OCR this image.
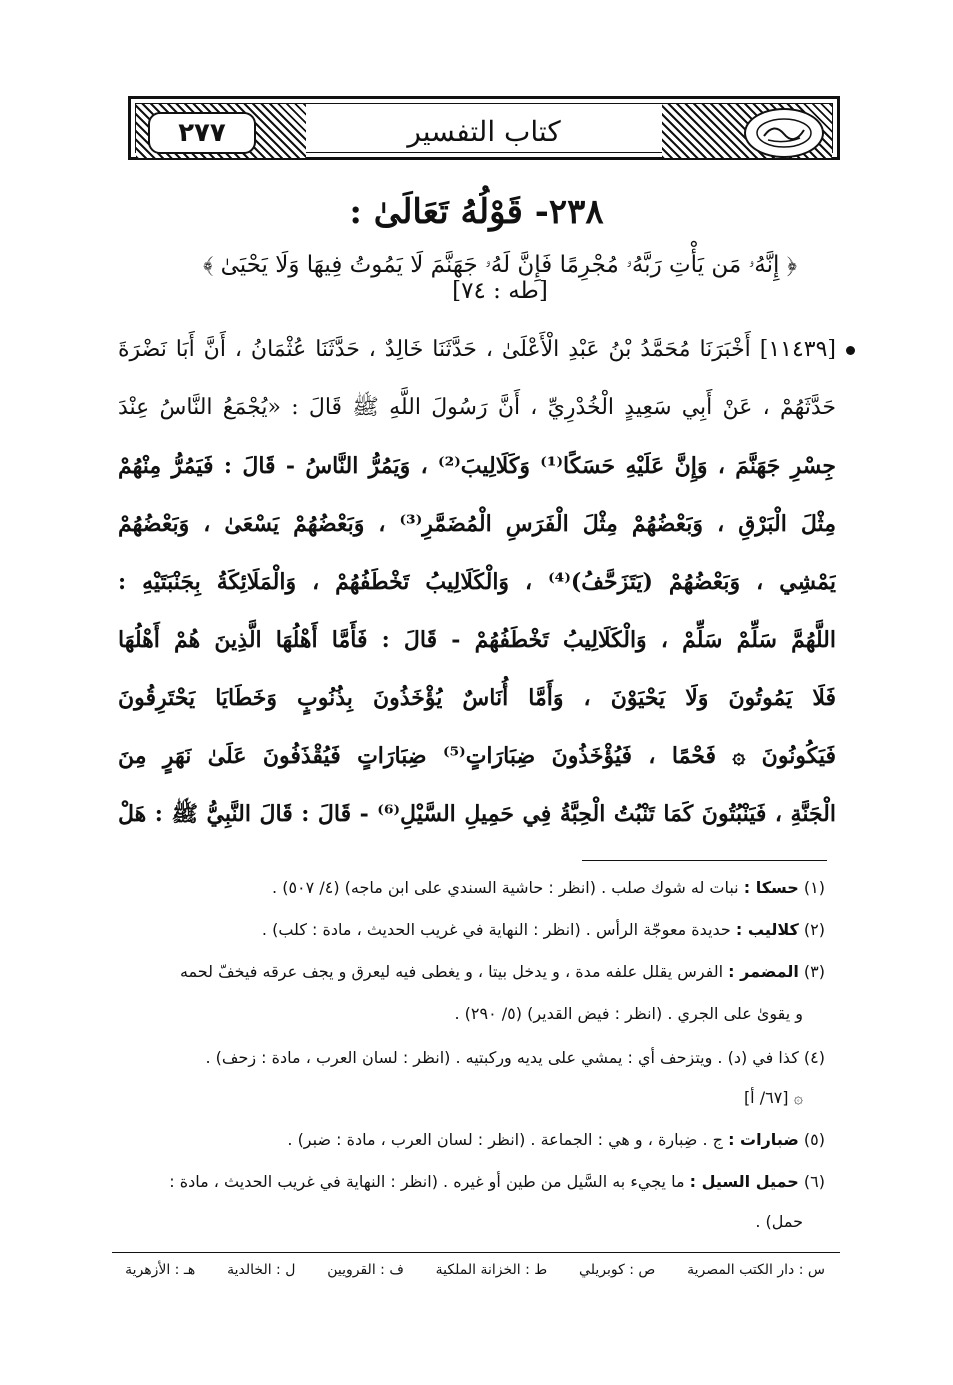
٢٧٧	كتاب التفسير
٢٣٨- قَوْلُهُ تَعَالَىٰ :
﴿ إِنَّهُۥ مَن يَأْتِ رَبَّهُۥ مُجْرِمًا فَإِنَّ لَهُۥ جَهَنَّمَ لَا يَمُوتُ فِيهَا وَلَا يَحْيَىٰ ﴾ [طه : ٧٤]
[١١٤٣٩] أَخْبَرَنَا مُحَمَّدُ بْنُ عَبْدِ الْأَعْلَىٰ ، حَدَّثَنَا خَالِدٌ ، حَدَّثَنَا عُثْمَانُ ، أَنَّ أَبَا نَضْرَةَ
حَدَّثَهُمْ ، عَنْ أَبِي سَعِيدٍ الْخُدْرِيِّ ، أَنَّ رَسُولَ اللَّهِ ﷺ قَالَ : «يُجْمَعُ النَّاسُ عِنْدَ
جِسْرِ جَهَنَّمَ ، وَإِنَّ عَلَيْهِ حَسَكًا⁽¹⁾ وَكَلَالِيبَ⁽²⁾ ، وَيَمُرُّ النَّاسُ - قَالَ : فَيَمُرُّ مِنْهُمْ
مِثْلَ الْبَرْقِ ، وَبَعْضُهُمْ مِثْلَ الْفَرَسِ الْمُضَمَّرِ⁽³⁾ ، وَبَعْضُهُمْ يَسْعَىٰ ، وَبَعْضُهُمْ
يَمْشِي ، وَبَعْضُهُمْ (يَتَزَحَّفُ)⁽⁴⁾ ، وَالْكَلَالِيبُ تَخْطَفُهُمْ ، وَالْمَلَائِكَةُ بِجَنْبَتَيْهِ :
اللَّهُمَّ سَلِّمْ سَلِّمْ ، وَالْكَلَالِيبُ تَخْطَفُهُمْ - قَالَ : فَأَمَّا أَهْلُهَا الَّذِينَ هُمْ أَهْلُهَا
فَلَا يَمُوتُونَ وَلَا يَحْيَوْنَ ، وَأَمَّا أُنَاسٌ يُؤْخَذُونَ بِذُنُوبٍ وَخَطَايَا يَحْتَرِقُونَ
فَيَكُونُونَ ۞ فَحْمًا ، فَيُؤْخَذُونَ ضِبَارَاتٍ⁽⁵⁾ ضِبَارَاتٍ فَيُقْذَفُونَ عَلَىٰ نَهَرٍ مِنَ
الْجَنَّةِ ، فَيَنْبُتُونَ كَمَا تَنْبُتُ الْحِبَّةُ فِي حَمِيلِ السَّيْلِ⁽⁶⁾ - قَالَ : قَالَ النَّبِيُّ ﷺ : هَلْ
(١) حسكا : نبات له شوك صلب . (انظر : حاشية السندي على ابن ماجه) (٤/ ٥٠٧) .
(٢) كلاليب : حديدة معوجّة الرأس . (انظر : النهاية في غريب الحديث ، مادة : كلب) .
(٣) المضمر : الفرس يقلل علفه مدة ، و يدخل بيتا ، و يغطى فيه ليعرق و يجف عرقه فيخفّ لحمه
و يقوىٰ على الجري . (انظر : فيض القدير) (٥/ ٢٩٠) .
(٤) كذا في (د) . ويتزحف أي : يمشي على يديه وركبتيه . (انظر : لسان العرب ، مادة : زحف) .
۞ [٦٧/ أ]
(٥) ضبارات : ج . ضِبارة ، و هي : الجماعة . (انظر : لسان العرب ، مادة : ضبر) .
(٦) حميل السيل : ما يجيء به السَّيل من طين أو غيره . (انظر : النهاية في غريب الحديث ، مادة :
حمل) .
س : دار الكتب المصرية
ص : كوبريلي
ط : الخزانة الملكية
ف : القرويين
ل : الخالدية
هـ : الأزهرية
